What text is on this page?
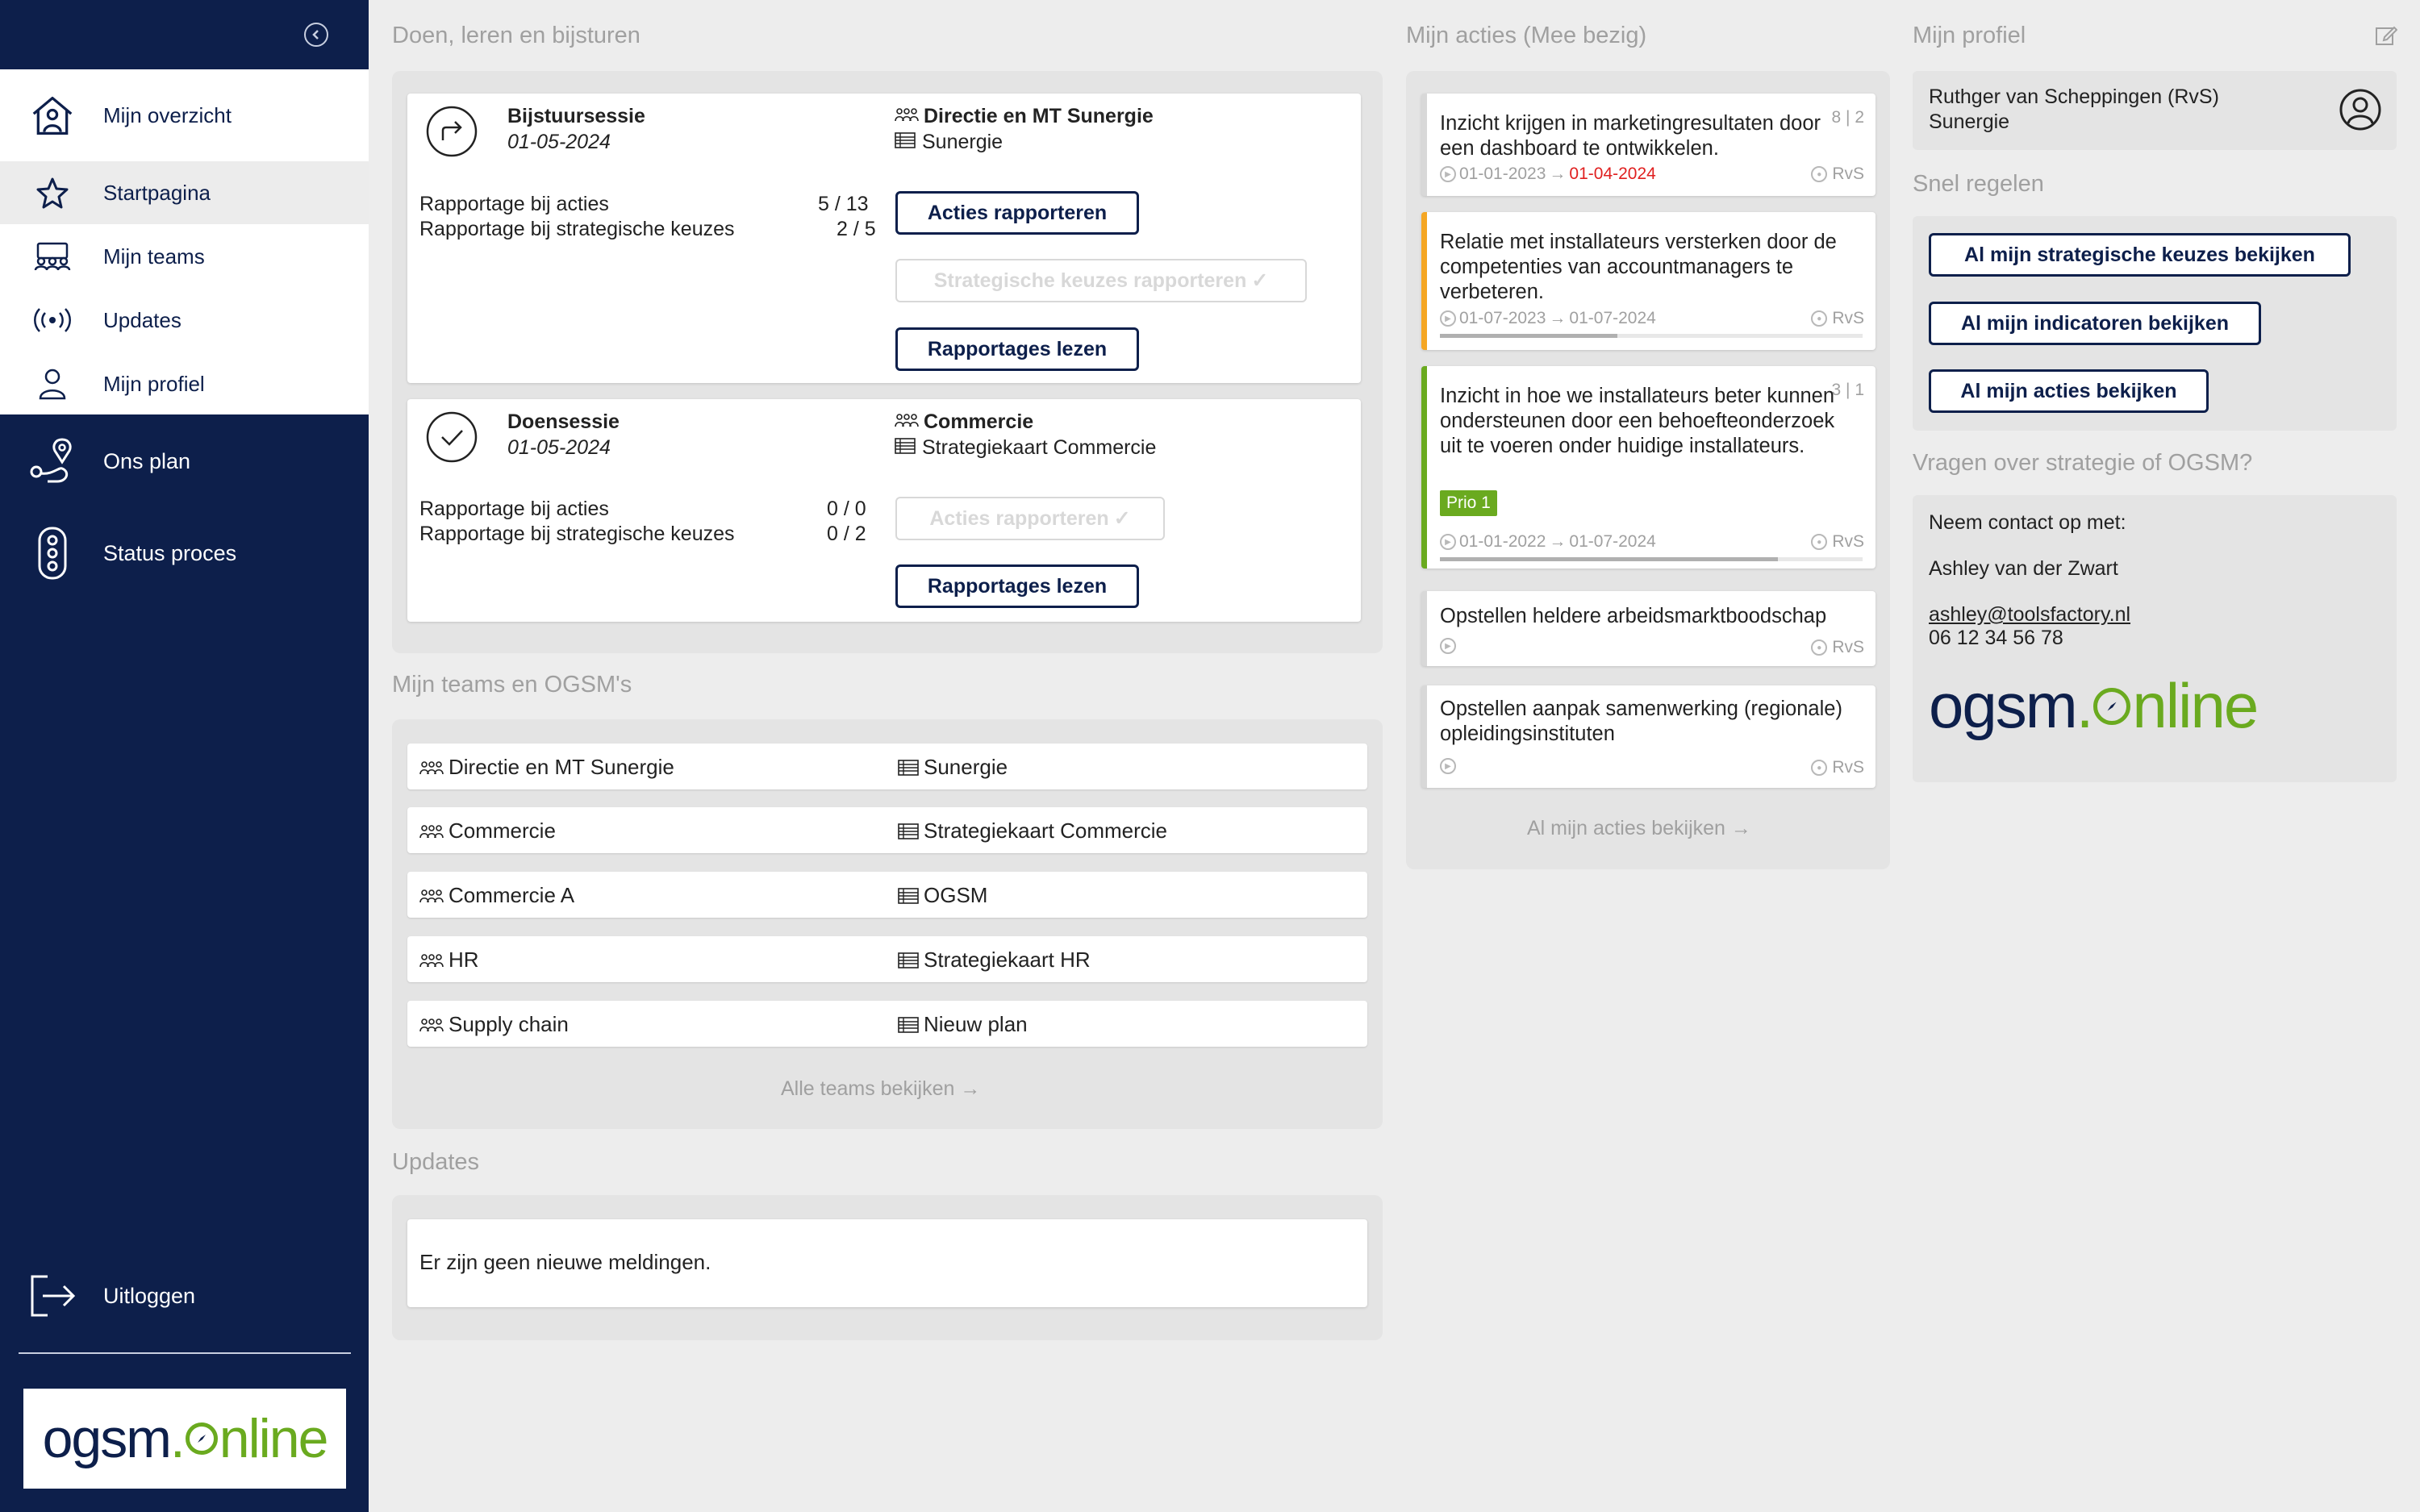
Mijn overzicht
Startpagina
Mijn teams
Updates
Mijn profiel
Ons plan
Status proces
Uitloggen
ogsm . nline
Doen, leren en bijsturen
Bijstuursessie
01-05-2024
Directie en MT Sunergie
Sunergie
Rapportage bij acties	5 / 13
Rapportage bij strategische keuzes	2 / 5
Acties rapporteren
Strategische keuzes rapporteren ✓
Rapportages lezen
Doensessie
01-05-2024
Commercie
Strategiekaart Commercie
Rapportage bij acties	0 / 0
Rapportage bij strategische keuzes	0 / 2
Acties rapporteren ✓
Rapportages lezen
Mijn teams en OGSM's
Directie en MT Sunergie	Sunergie
Commercie	Strategiekaart Commercie
Commercie A	OGSM
HR	Strategiekaart HR
Supply chain	Nieuw plan
Alle teams bekijken →
Updates
Er zijn geen nieuwe meldingen.
Mijn acties (Mee bezig)
Inzicht krijgen in marketingresultaten door een dashboard te ontwikkelen.
8 | 2
▶ 01-01-2023 → 01-04-2024	● RvS
Relatie met installateurs versterken door de competenties van accountmanagers te verbeteren.
▶ 01-07-2023 → 01-07-2024	● RvS
Inzicht in hoe we installateurs beter kunnen ondersteunen door een behoefteonderzoek uit te voeren onder huidige installateurs.
3 | 1
Prio 1
▶ 01-01-2022 → 01-07-2024	● RvS
Opstellen heldere arbeidsmarktboodschap
▶	● RvS
Opstellen aanpak samenwerking (regionale) opleidingsinstituten
▶	● RvS
Al mijn acties bekijken →
Mijn profiel
Ruthger van Scheppingen (RvS)
Sunergie
Snel regelen
Al mijn strategische keuzes bekijken
Al mijn indicatoren bekijken
Al mijn acties bekijken
Vragen over strategie of OGSM?
Neem contact op met:
Ashley van der Zwart
ashley@toolsfactory.nl
06 12 34 56 78
ogsm . nline
